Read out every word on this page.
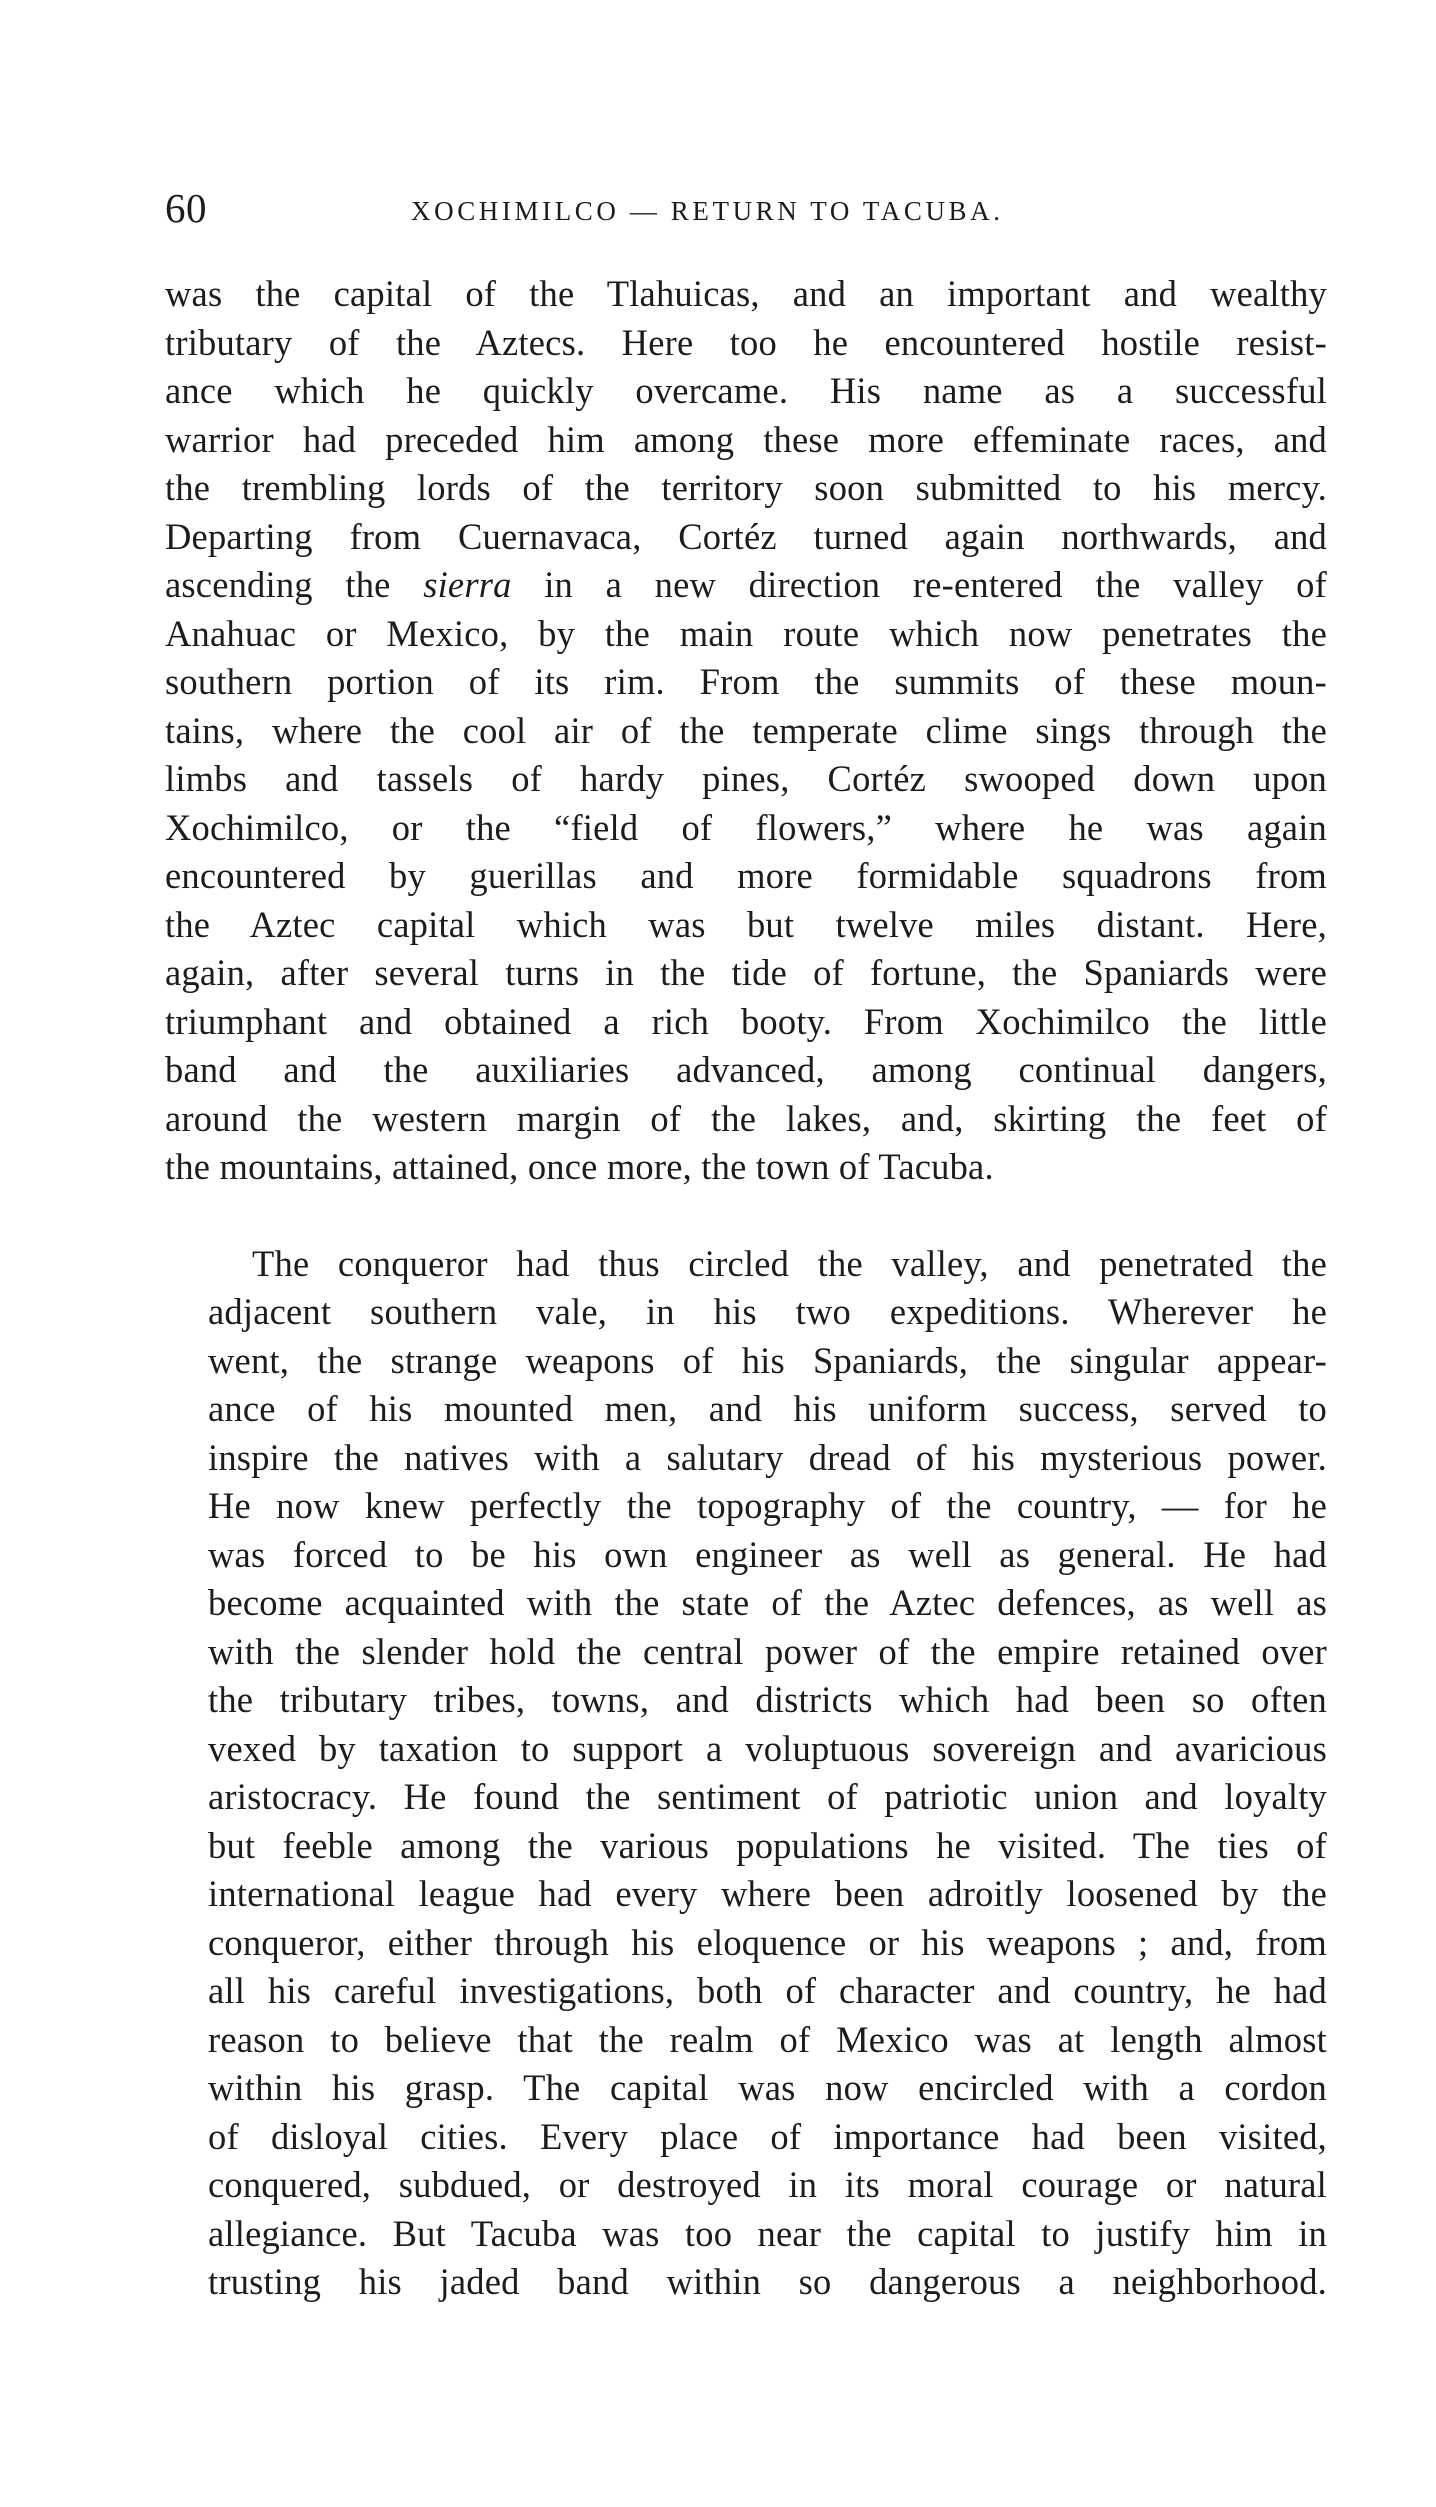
60	XOCHIMILCO — RETURN TO TACUBA.

was the capital of the Tlahuicas, and an important and wealthy
tributary of the Aztecs. Here too he encountered hostile resist-
ance which he quickly overcame. His name as a successful
warrior had preceded him among these more effeminate races, and
the trembling lords of the territory soon submitted to his mercy.
Departing from Cuernavaca, Cortéz turned again northwards, and
ascending the sierra in a new direction re-entered the valley of
Anahuac or Mexico, by the main route which now penetrates the
southern portion of its rim. From the summits of these moun-
tains, where the cool air of the temperate clime sings through the
limbs and tassels of hardy pines, Cortéz swooped down upon
Xochimilco, or the “field of flowers,” where he was again
encountered by guerillas and more formidable squadrons from
the Aztec capital which was but twelve miles distant. Here,
again, after several turns in the tide of fortune, the Spaniards were
triumphant and obtained a rich booty. From Xochimilco the little
band and the auxiliaries advanced, among continual dangers,
around the western margin of the lakes, and, skirting the feet of
the mountains, attained, once more, the town of Tacuba.

The conqueror had thus circled the valley, and penetrated the
adjacent southern vale, in his two expeditions. Wherever he
went, the strange weapons of his Spaniards, the singular appear-
ance of his mounted men, and his uniform success, served to
inspire the natives with a salutary dread of his mysterious power.
He now knew perfectly the topography of the country, — for he
was forced to be his own engineer as well as general. He had
become acquainted with the state of the Aztec defences, as well as
with the slender hold the central power of the empire retained over
the tributary tribes, towns, and districts which had been so often
vexed by taxation to support a voluptuous sovereign and avaricious
aristocracy. He found the sentiment of patriotic union and loyalty
but feeble among the various populations he visited. The ties of
international league had every where been adroitly loosened by the
conqueror, either through his eloquence or his weapons ; and, from
all his careful investigations, both of character and country, he had
reason to believe that the realm of Mexico was at length almost
within his grasp. The capital was now encircled with a cordon
of disloyal cities. Every place of importance had been visited,
conquered, subdued, or destroyed in its moral courage or natural
allegiance. But Tacuba was too near the capital to justify him in
trusting his jaded band within so dangerous a neighborhood.
